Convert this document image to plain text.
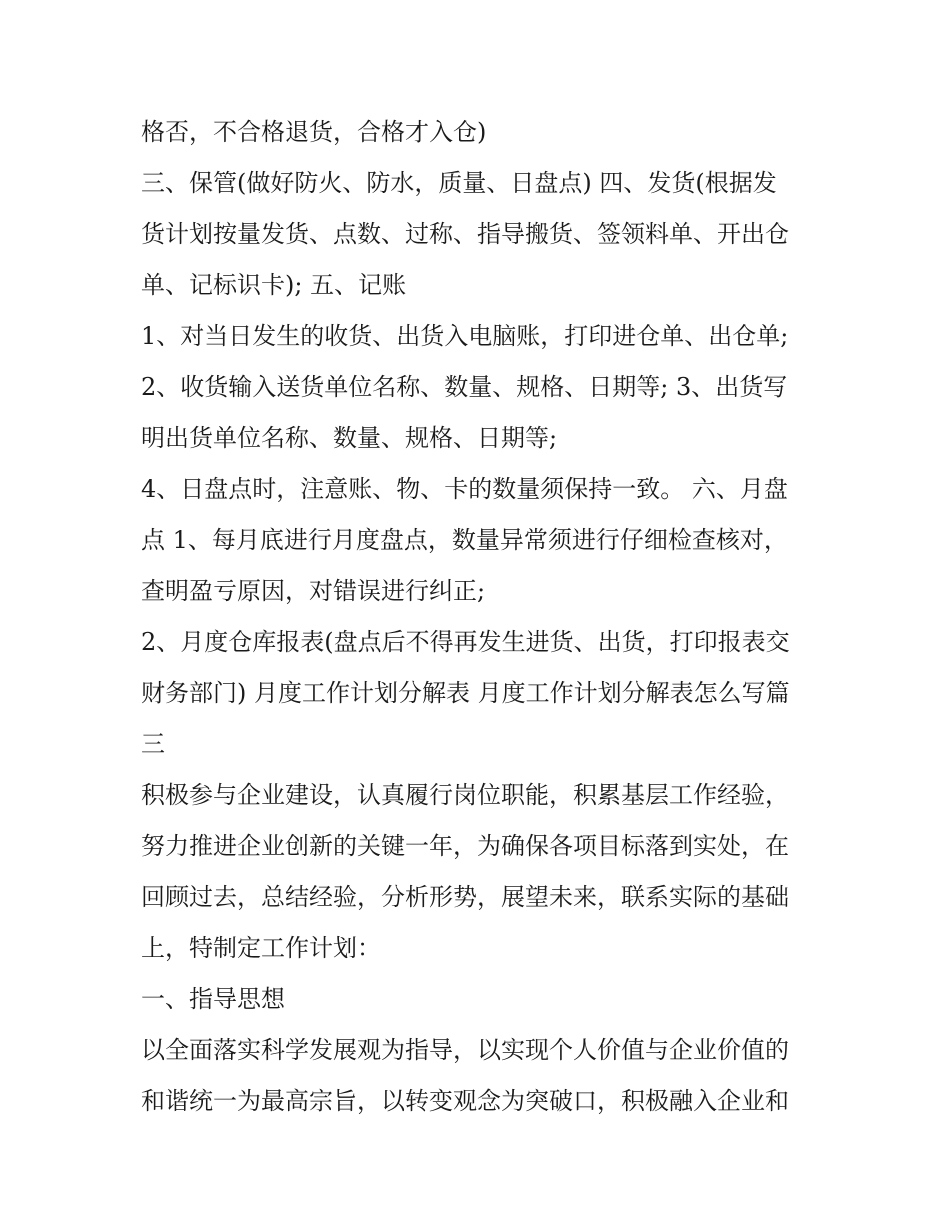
格否，不合格退货，合格才入仓)
三、保管(做好防火、防水，质量、日盘点) 四、发货(根据发
货计划按量发货、点数、过称、指导搬货、签领料单、开出仓
单、记标识卡); 五、记账
1、对当日发生的收货、出货入电脑账，打印进仓单、出仓单;
2、收货输入送货单位名称、数量、规格、日期等; 3、出货写
明出货单位名称、数量、规格、日期等;
4、日盘点时，注意账、物、卡的数量须保持一致。 六、月盘
点 1、每月底进行月度盘点，数量异常须进行仔细检查核对，
查明盈亏原因，对错误进行纠正;
2、月度仓库报表(盘点后不得再发生进货、出货，打印报表交
财务部门) 月度工作计划分解表 月度工作计划分解表怎么写篇
三
积极参与企业建设，认真履行岗位职能，积累基层工作经验，
努力推进企业创新的关键一年，为确保各项目标落到实处，在
回顾过去，总结经验，分析形势，展望未来，联系实际的基础
上，特制定工作计划：
一、指导思想
以全面落实科学发展观为指导，以实现个人价值与企业价值的
和谐统一为最高宗旨，以转变观念为突破口，积极融入企业和
